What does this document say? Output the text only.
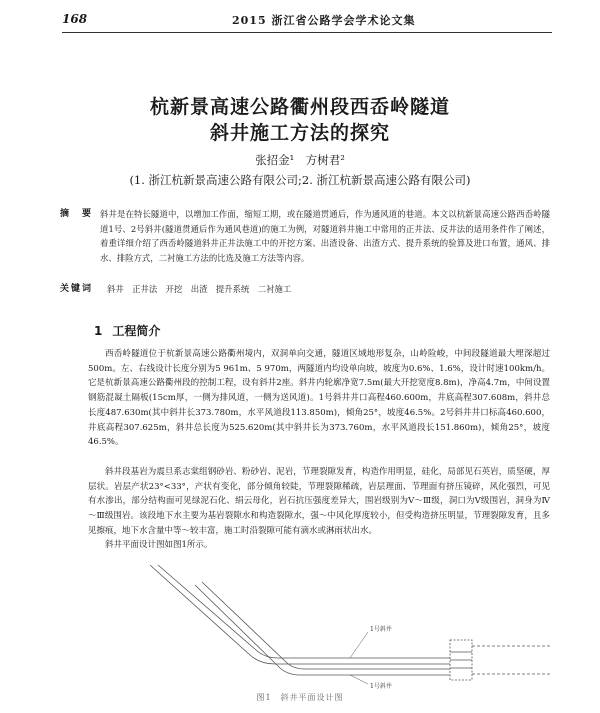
168	2015 浙江省公路学会学术论文集
杭新景高速公路衢州段西岙岭隧道
斜井施工方法的探究
张招金¹　方树君²
(1. 浙江杭新景高速公路有限公司;2. 浙江杭新景高速公路有限公司)
摘　要 斜井是在特长隧道中，以增加工作面，缩短工期，或在隧道贯通后，作为通风道的巷道。本文以杭新景高速公路西岙岭隧道1号、2号斜井(隧道贯通后作为通风巷道)的施工为例，对隧道斜井施工中常用的正井法、反井法的适用条件作了阐述，着重详细介绍了西岙岭隧道斜井正井法施工中的开挖方案、出渣设备、出渣方式、提升系统的验算及进口布置，通风、排水、排险方式，二衬施工方法的比选及施工方法等内容。
关键词 斜井　正井法　开挖　出渣　提升系统　二衬施工
1 工程简介

西岙岭隧道位于杭新景高速公路衢州境内，双洞单向交通，隧道区域地形复杂，山岭险峻，中间段隧道最大埋深超过500m。左、右线设计长度分别为5 961m、5 970m，两隧道内均设单向坡，坡度为0.6%、1.6%，设计时速100km/h。它是杭新景高速公路衢州段的控制工程，设有斜井2座。斜井内轮廓净宽7.5m(最大开挖宽度8.8m)，净高4.7m，中间设置钢筋混凝土隔板(15cm厚，一侧为排风道，一侧为送风道)。1号斜井井口高程460.600m，井底高程307.608m，斜井总长度487.630m(其中斜井长373.780m，水平风道段113.850m)，倾角25°，坡度46.5%。2号斜井井口标高460.600，井底高程307.625m，斜井总长度为525.620m(其中斜井长为373.760m，水平风道段长151.860m)，倾角25°，坡度46.5%。

斜井段基岩为震旦系志棠组钢砂岩、粉砂岩、泥岩，节理裂隙发育，构造作用明显，硅化，局部见石英岩，质坚硬，厚层状。岩层产状23°<33°，产状有变化，部分倾角较陡，节理裂隙稀疏，岩层理面、节理面有挤压镜碎，风化强烈，可见有水渗出，部分结构面可见绿泥石化、绢云母化，岩石抗压强度差异大，围岩级别为Ⅴ～Ⅲ级，洞口为Ⅴ级围岩，洞身为Ⅳ～Ⅲ级围岩。该段地下水主要为基岩裂隙水和构造裂隙水，强～中风化厚度较小，但受构造挤压明显，节理裂隙发育，且多见擦痕，地下水含量中等～较丰富，施工时沿裂隙可能有滴水或淋雨状出水。

斜井平面设计图如图1所示。

1号斜井
1号斜井
图1　斜井平面设计图
